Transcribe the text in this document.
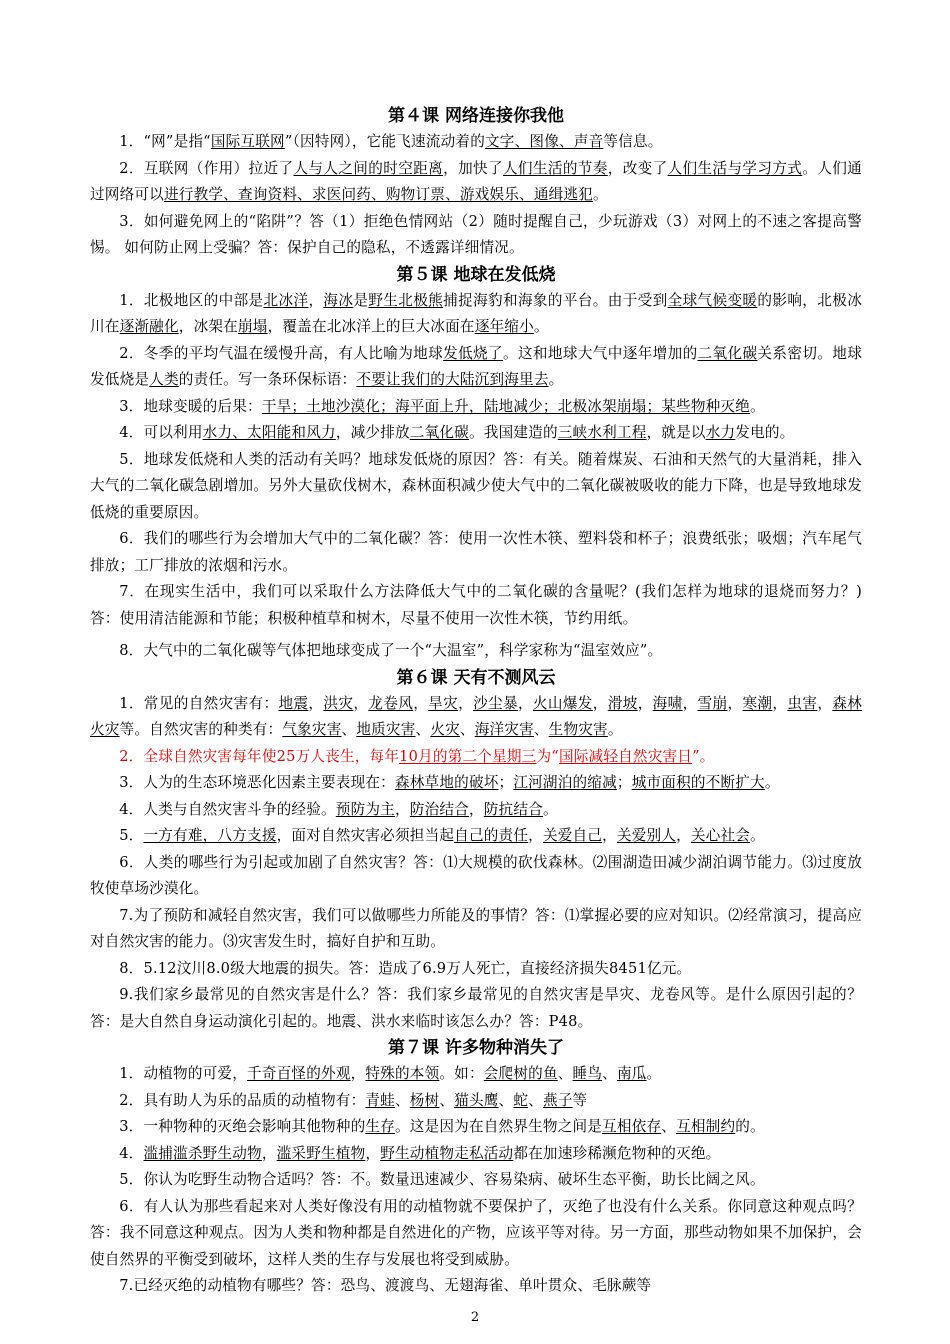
第４课 网络连接你我他

1．“网”是指“国际互联网”（因特网），它能飞速流动着的文字、图像、声音等信息。

2．互联网（作用）拉近了人与人之间的时空距离，加快了人们生活的节奏，改变了人们生活与学习方式。人们通过网络可以进行教学、查询资料、求医问药、购物订票、游戏娱乐、通缉逃犯。

3．如何避免网上的“陷阱”？答（1）拒绝色情网站（2）随时提醒自己，少玩游戏（3）对网上的不速之客提高警惕。 如何防止网上受骗？答：保护自己的隐私，不透露详细情况。

第５课 地球在发低烧

1．北极地区的中部是北冰洋，海冰是野生北极熊捕捉海豹和海象的平台。由于受到全球气候变暖的影响，北极冰川在逐渐融化，冰架在崩塌，覆盖在北冰洋上的巨大冰面在逐年缩小。

2．冬季的平均气温在缓慢升高，有人比喻为地球发低烧了。这和地球大气中逐年增加的二氧化碳关系密切。地球发低烧是人类的责任。写一条环保标语：不要让我们的大陆沉到海里去。

3．地球变暖的后果：干旱；土地沙漠化；海平面上升，陆地减少；北极冰架崩塌；某些物种灭绝。

4．可以利用水力、太阳能和风力，减少排放二氧化碳。我国建造的三峡水利工程，就是以水力发电的。

5．地球发低烧和人类的活动有关吗？地球发低烧的原因？答：有关。随着煤炭、石油和天然气的大量消耗，排入大气的二氧化碳急剧增加。另外大量砍伐树木，森林面积减少使大气中的二氧化碳被吸收的能力下降，也是导致地球发低烧的重要原因。

6．我们的哪些行为会增加大气中的二氧化碳？答：使用一次性木筷、塑料袋和杯子；浪费纸张；吸烟；汽车尾气排放；工厂排放的浓烟和污水。

7．在现实生活中，我们可以采取什么方法降低大气中的二氧化碳的含量呢？(我们怎样为地球的退烧而努力？)答：使用清洁能源和节能；积极种植草和树木，尽量不使用一次性木筷，节约用纸。

8．大气中的二氧化碳等气体把地球变成了一个“大温室”，科学家称为“温室效应”。

第６课 天有不测风云

1．常见的自然灾害有：地震，洪灾，龙卷风，旱灾，沙尘暴，火山爆发，滑坡，海啸，雪崩，寒潮，虫害，森林火灾等。自然灾害的种类有：气象灾害、地质灾害、火灾、海洋灾害、生物灾害。

2．全球自然灾害每年使25万人丧生，每年10月的第二个星期三为“国际减轻自然灾害日”。

3．人为的生态环境恶化因素主要表现在：森林草地的破坏；江河湖泊的缩减；城市面积的不断扩大。

4．人类与自然灾害斗争的经验。预防为主，防治结合，防抗结合。

5．一方有难，八方支援，面对自然灾害必须担当起自己的责任，关爱自己，关爱别人，关心社会。

6．人类的哪些行为引起或加剧了自然灾害？答：⑴大规模的砍伐森林。⑵围湖造田减少湖泊调节能力。⑶过度放牧使草场沙漠化。

7.为了预防和减轻自然灾害，我们可以做哪些力所能及的事情？答：⑴掌握必要的应对知识。⑵经常演习，提高应对自然灾害的能力。⑶灾害发生时，搞好自护和互助。

8．5.12汶川8.0级大地震的损失。答：造成了6.9万人死亡，直接经济损失8451亿元。

9.我们家乡最常见的自然灾害是什么？答：我们家乡最常见的自然灾害是旱灾、龙卷风等。是什么原因引起的？答：是大自然自身运动演化引起的。地震、洪水来临时该怎么办？答：P48。

第７课 许多物种消失了

1．动植物的可爱，千奇百怪的外观，特殊的本领。如：会爬树的鱼、睡鸟、南瓜。

2．具有助人为乐的品质的动植物有：青蛙、杨树、猫头鹰、蛇、燕子等

3．一种物种的灭绝会影响其他物种的生存。这是因为在自然界生物之间是互相依存、互相制约的。

4．滥捕滥杀野生动物，滥采野生植物，野生动植物走私活动都在加速珍稀濒危物种的灭绝。

5．你认为吃野生动物合适吗？答：不。数量迅速减少、容易染病、破坏生态平衡，助长比阔之风。

6．有人认为那些看起来对人类好像没有用的动植物就不要保护了，灭绝了也没有什么关系。你同意这种观点吗？答：我不同意这种观点。因为人类和物种都是自然进化的产物，应该平等对待。另一方面，那些动物如果不加保护，会使自然界的平衡受到破坏，这样人类的生存与发展也将受到威胁。

7.已经灭绝的动植物有哪些？答：恐鸟、渡渡鸟、无翅海雀、单叶贯众、毛脉蕨等

2
